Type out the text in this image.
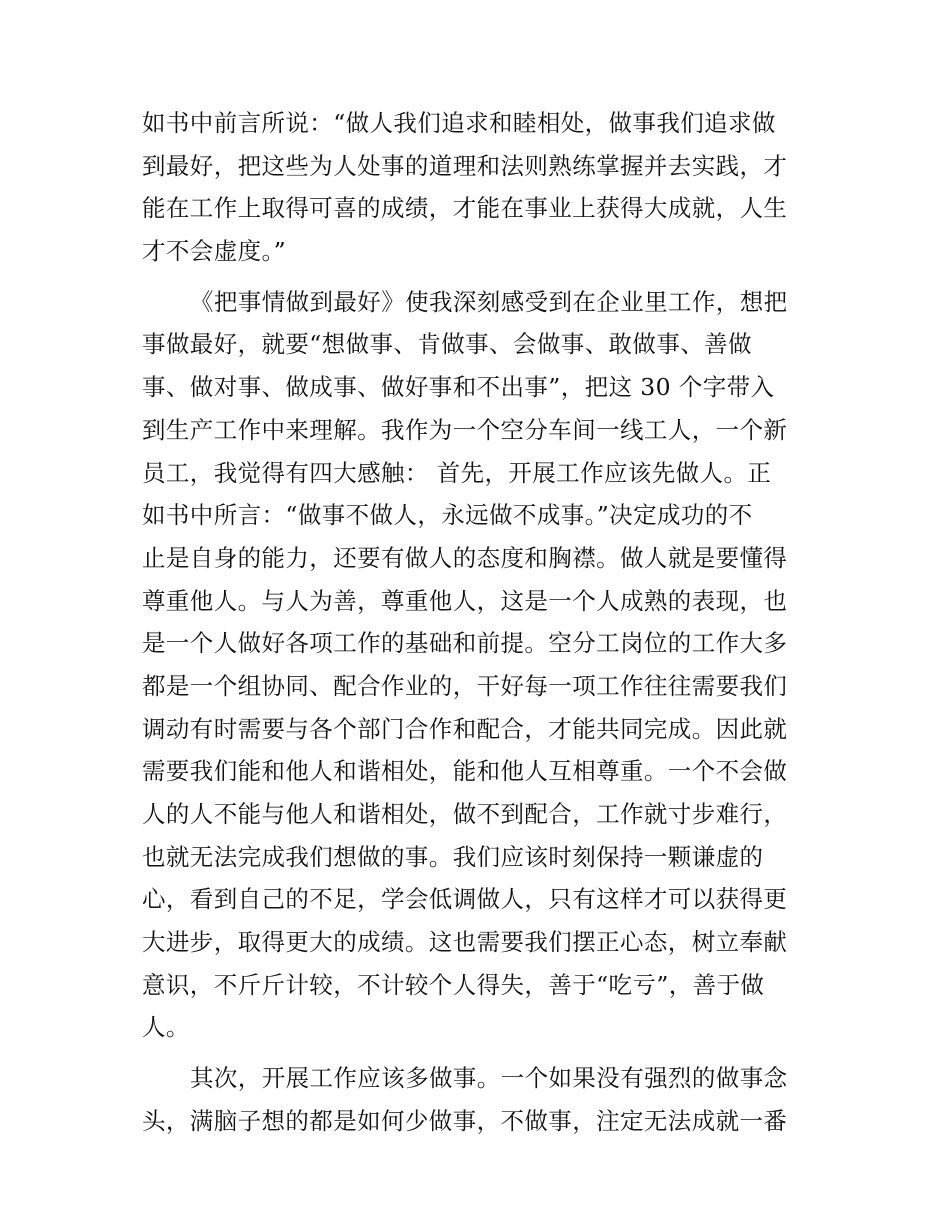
如书中前言所说：“做人我们追求和睦相处，做事我们追求做
到最好，把这些为人处事的道理和法则熟练掌握并去实践，才
能在工作上取得可喜的成绩，才能在事业上获得大成就，人生
才不会虚度。”
《把事情做到最好》使我深刻感受到在企业里工作，想把
事做最好，就要“想做事、肯做事、会做事、敢做事、善做
事、做对事、做成事、做好事和不出事”，把这 30 个字带入
到生产工作中来理解。我作为一个空分车间一线工人，一个新
员工，我觉得有四大感触： 首先，开展工作应该先做人。正
如书中所言：“做事不做人，永远做不成事。”决定成功的不
止是自身的能力，还要有做人的态度和胸襟。做人就是要懂得
尊重他人。与人为善，尊重他人，这是一个人成熟的表现，也
是一个人做好各项工作的基础和前提。空分工岗位的工作大多
都是一个组协同、配合作业的，干好每一项工作往往需要我们
调动有时需要与各个部门合作和配合，才能共同完成。因此就
需要我们能和他人和谐相处，能和他人互相尊重。一个不会做
人的人不能与他人和谐相处，做不到配合，工作就寸步难行，
也就无法完成我们想做的事。我们应该时刻保持一颗谦虚的
心，看到自己的不足，学会低调做人，只有这样才可以获得更
大进步，取得更大的成绩。这也需要我们摆正心态，树立奉献
意识，不斤斤计较，不计较个人得失，善于“吃亏”，善于做
人。
其次，开展工作应该多做事。一个如果没有强烈的做事念
头，满脑子想的都是如何少做事，不做事，注定无法成就一番
